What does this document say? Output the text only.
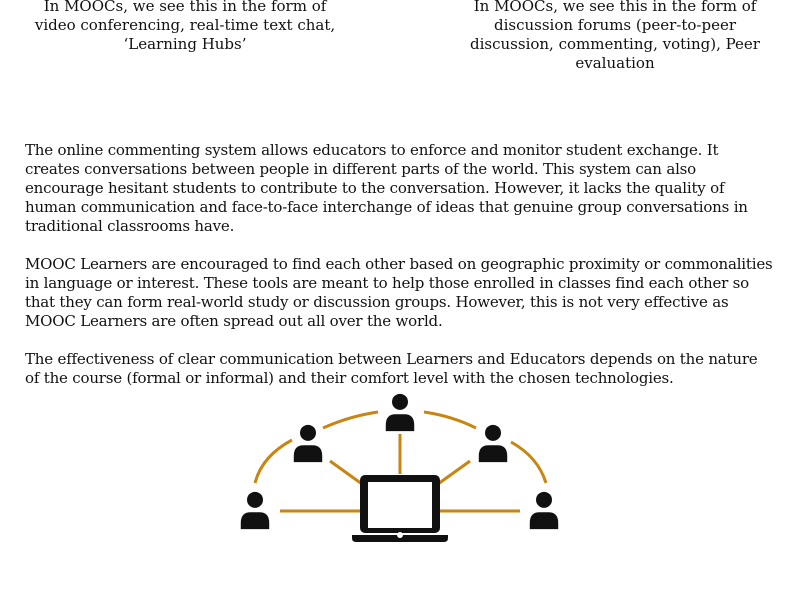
In MOOCs, we see this in the form of video conferencing, real-time text chat, ‘Learning Hubs’

In MOOCs, we see this in the form of discussion forums (peer-to-peer discussion, commenting, voting), Peer evaluation

The online commenting system allows educators to enforce and monitor student exchange. It creates conversations between people in different parts of the world. This system can also encourage hesitant students to contribute to the conversation. However, it lacks the quality of human communication and face-to-face interchange of ideas that genuine group conversations in traditional classrooms have.

MOOC Learners are encouraged to find each other based on geographic proximity or commonalities in language or interest. These tools are meant to help those enrolled in classes find each other so that they can form real-world study or discussion groups. However, this is not very effective as MOOC Learners are often spread out all over the world.

The effectiveness of clear communication between Learners and Educators depends on the nature of the course (formal or informal) and their comfort level with the chosen technologies.
